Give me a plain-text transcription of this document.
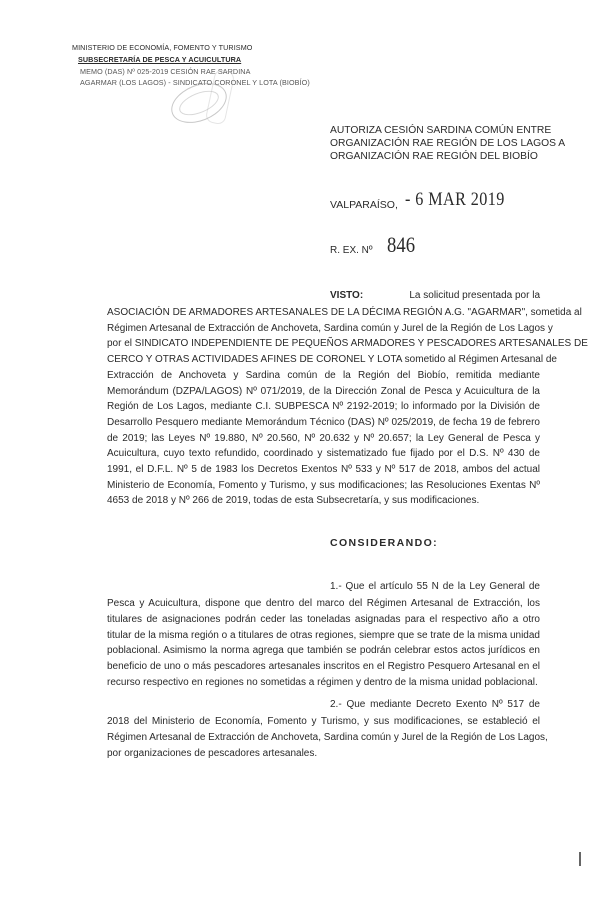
MINISTERIO DE ECONOMÍA, FOMENTO Y TURISMO
SUBSECRETARÍA DE PESCA Y ACUICULTURA
MEMO (DAS) Nº 025-2019 CESIÓN RAE SARDINA
AGARMAR (LOS LAGOS) - SINDICATO CORONEL Y LOTA (BIOBÍO)
AUTORIZA CESIÓN SARDINA COMÚN ENTRE
ORGANIZACIÓN RAE REGIÓN DE LOS LAGOS A
ORGANIZACIÓN RAE REGIÓN DEL BIOBÍO
VALPARAÍSO, - 6 MAR 2019
R. EX. Nº 846
VISTO:	La solicitud presentada por la
ASOCIACIÓN DE ARMADORES ARTESANALES DE LA DÉCIMA REGIÓN A.G. "AGARMAR", sometida al
Régimen Artesanal de Extracción de Anchoveta, Sardina común y Jurel de la Región de Los Lagos y
por el SINDICATO INDEPENDIENTE DE PEQUEÑOS ARMADORES Y PESCADORES ARTESANALES DE
CERCO Y OTRAS ACTIVIDADES AFINES DE CORONEL Y LOTA sometido al Régimen Artesanal de
Extracción de Anchoveta y Sardina común de la Región del Biobío, remitida mediante
Memorándum (DZPA/LAGOS) Nº 071/2019, de la Dirección Zonal de Pesca y Acuicultura de la
Región de Los Lagos, mediante C.I. SUBPESCA Nº 2192-2019; lo informado por la División de
Desarrollo Pesquero mediante Memorándum Técnico (DAS) Nº 025/2019, de fecha 19 de febrero
de 2019; las Leyes Nº 19.880, Nº 20.560, Nº 20.632 y Nº 20.657; la Ley General de Pesca y
Acuicultura, cuyo texto refundido, coordinado y sistematizado fue fijado por el D.S. Nº 430 de
1991, el D.F.L. Nº 5 de 1983 los Decretos Exentos Nº 533 y Nº 517 de 2018, ambos del actual
Ministerio de Economía, Fomento y Turismo, y sus modificaciones; las Resoluciones Exentas Nº
4653 de 2018 y Nº 266 de 2019, todas de esta Subsecretaría, y sus modificaciones.
CONSIDERANDO:
1.- Que el artículo 55 N de la Ley General de
Pesca y Acuicultura, dispone que dentro del marco del Régimen Artesanal de Extracción, los
titulares de asignaciones podrán ceder las toneladas asignadas para el respectivo año a otro
titular de la misma región o a titulares de otras regiones, siempre que se trate de la misma unidad
poblacional. Asimismo la norma agrega que también se podrán celebrar estos actos jurídicos en
beneficio de uno o más pescadores artesanales inscritos en el Registro Pesquero Artesanal en el
recurso respectivo en regiones no sometidas a régimen y dentro de la misma unidad poblacional.
2.- Que mediante Decreto Exento Nº 517 de
2018 del Ministerio de Economía, Fomento y Turismo, y sus modificaciones, se estableció el
Régimen Artesanal de Extracción de Anchoveta, Sardina común y Jurel de la Región de Los Lagos,
por organizaciones de pescadores artesanales.
